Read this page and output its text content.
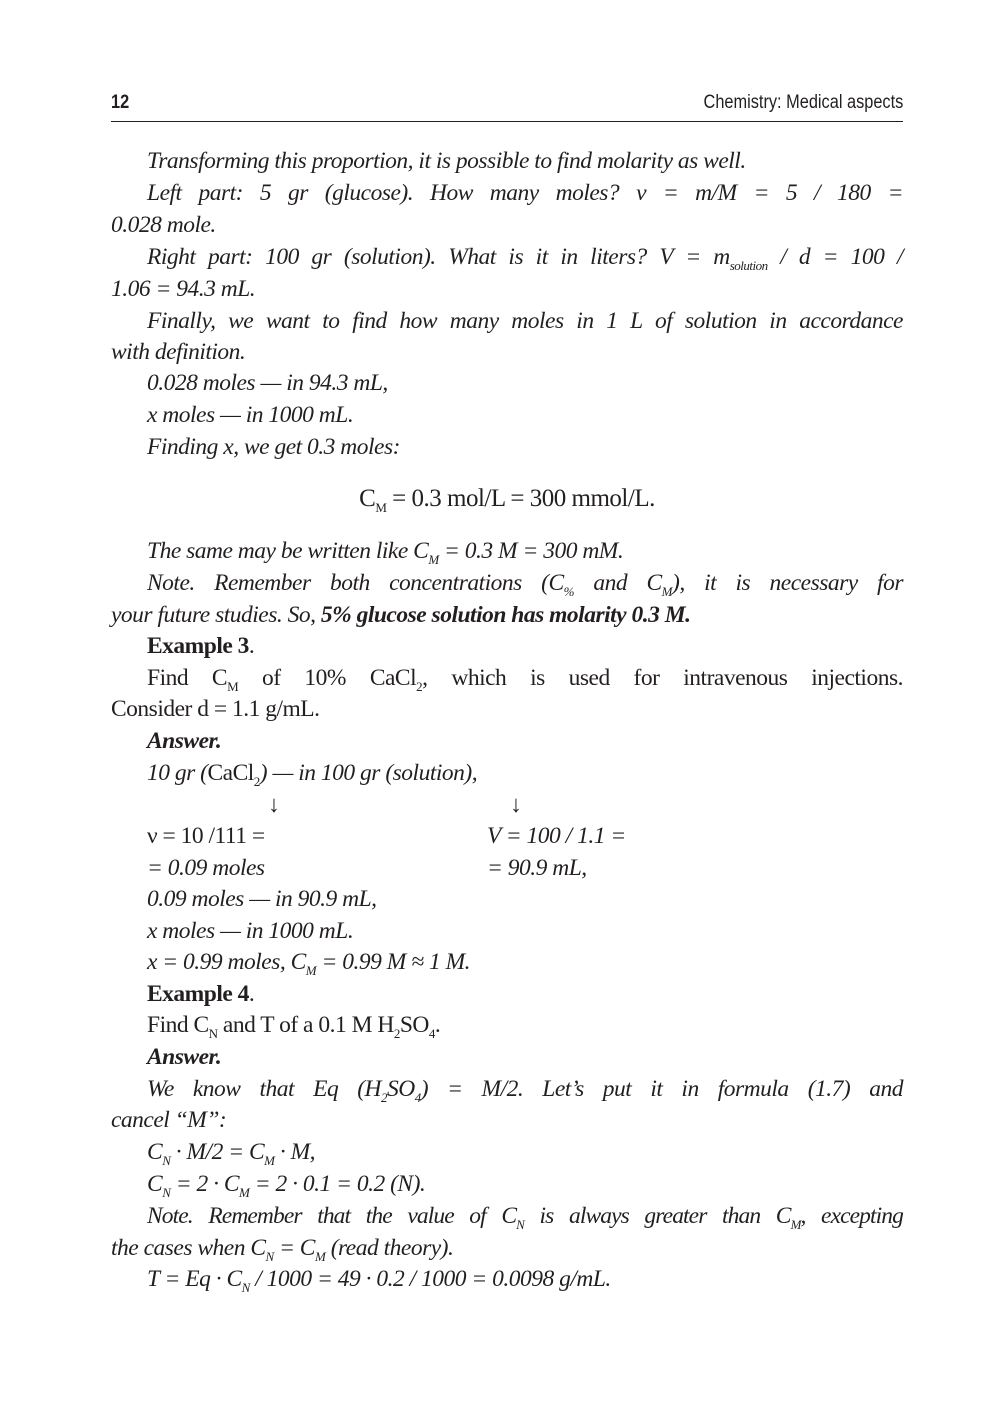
12	Chemistry: Medical aspects
Transforming this proportion, it is possible to find molarity as well.
Left part: 5 gr (glucose). How many moles? ν = m/M = 5 / 180 =
0.028 mole.
Right part: 100 gr (solution). What is it in liters? $V = m_{solution} / d = 100$ /
1.06 = 94.3 mL.
Finally, we want to find how many moles in 1 L of solution in accordance
with definition.
0.028 moles — in 94.3 mL,
x moles — in 1000 mL.
Finding x, we get 0.3 moles:
$C_M = 0.3$ mol/L = 300 mmol/L.
The same may be written like $C_M = 0.3$ M = 300 mM.
Note. Remember both concentrations ($C_{\%}$ and $C_M$), it is necessary for
your future studies. So, 5% glucose solution has molarity 0.3 M.
Example 3.
Find $C_M$ of 10% CaCl$_2$, which is used for intravenous injections.
Consider d = 1.1 g/mL.
Answer.
10 gr (CaCl$_2$) — in 100 gr (solution),
↓	↓
ν = 10 /111 =	V = 100 / 1.1 =
= 0.09 moles	= 90.9 mL,
0.09 moles — in 90.9 mL,
x moles — in 1000 mL.
x = 0.99 moles, $C_M = 0.99$ M ≈ 1 M.
Example 4.
Find $C_N$ and T of a 0.1 M $H_2SO_4$.
Answer.
We know that Eq $(H_2SO_4) = M/2$. Let’s put it in formula (1.7) and
cancel “M”:
$C_N \cdot M/2 = C_M \cdot M$,
$C_N = 2 \cdot C_M = 2 \cdot 0.1 = 0.2$ (N).
Note. Remember that the value of $C_N$ is always greater than $C_M$, excepting
the cases when $C_N = C_M$ (read theory).
$T = Eq \cdot C_N / 1000 = 49 \cdot 0.2 / 1000 = 0.0098$ g/mL.
